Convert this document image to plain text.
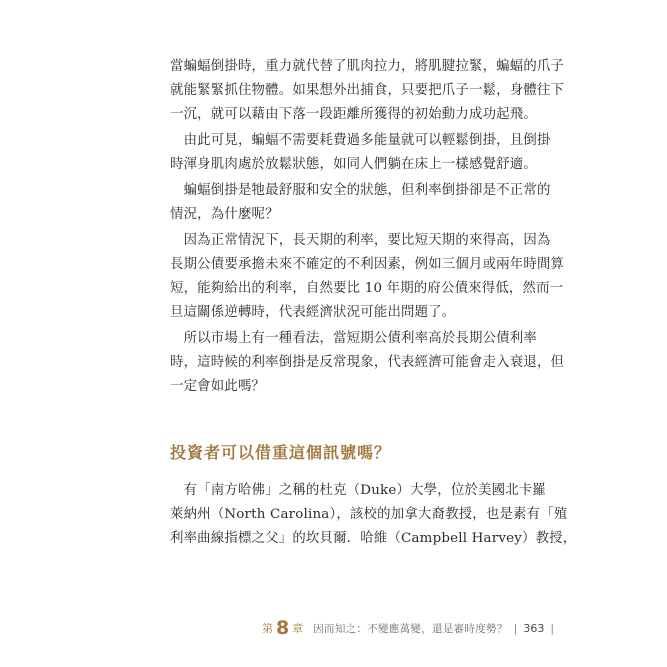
當蝙蝠倒掛時，重力就代替了肌肉拉力，將肌腱拉緊，蝙蝠的爪子
就能緊緊抓住物體。如果想外出捕食，只要把爪子一鬆，身體往下
一沉，就可以藉由下落一段距離所獲得的初始動力成功起飛。
　由此可見，蝙蝠不需要耗費過多能量就可以輕鬆倒掛，且倒掛
時渾身肌肉處於放鬆狀態，如同人們躺在床上一樣感覺舒適。
　蝙蝠倒掛是牠最舒服和安全的狀態，但利率倒掛卻是不正常的
情況，為什麼呢？
　因為正常情況下，長天期的利率，要比短天期的來得高，因為
長期公債要承擔未來不確定的不利因素，例如三個月或兩年時間算
短，能夠給出的利率，自然要比 10 年期的府公債來得低，然而一
旦這關係逆轉時，代表經濟狀況可能出問題了。
　所以市場上有一種看法，當短期公債利率高於長期公債利率
時，這時候的利率倒掛是反常現象，代表經濟可能會走入衰退，但
一定會如此嗎？
投資者可以借重這個訊號嗎？
　有「南方哈佛」之稱的杜克（Duke）大學，位於美國北卡羅
萊納州（North Carolina），該校的加拿大裔教授，也是素有「殖
利率曲線指標之父」的坎貝爾．哈維（Campbell Harvey）教授，
第 8 章 因而知之：不變應萬變，還是審時度勢？ | 363 |
